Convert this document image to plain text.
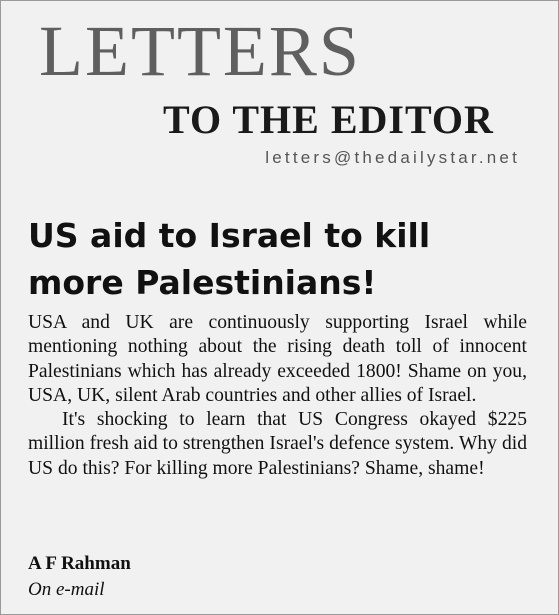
LETTERS
TO THE EDITOR
letters@thedailystar.net
US aid to Israel to kill
more Palestinians!

USA and UK are continuously supporting Israel while mentioning nothing about the rising death toll of innocent Palestinians which has already exceeded 1800! Shame on you, USA, UK, silent Arab countries and other allies of Israel.

It's shocking to learn that US Congress okayed $225 million fresh aid to strengthen Israel's defence system. Why did US do this? For killing more Palestinians? Shame, shame!

A F Rahman
On e-mail
